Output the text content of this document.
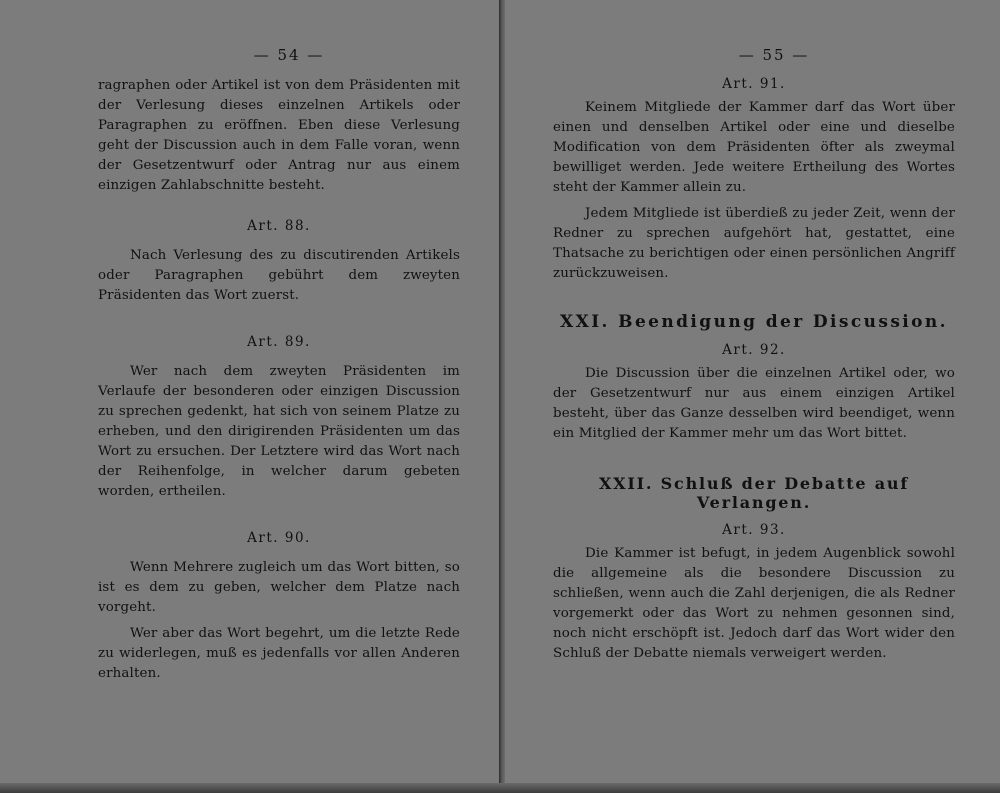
— 54 —

ragraphen oder Artikel ist von dem Präsidenten mit der Verlesung dieses einzelnen Artikels oder Paragraphen zu eröffnen. Eben diese Verlesung geht der Discussion auch in dem Falle voran, wenn der Gesetzentwurf oder Antrag nur aus einem einzigen Zahlabschnitte besteht.

Art. 88.

Nach Verlesung des zu discutirenden Artikels oder Paragraphen gebührt dem zweyten Präsidenten das Wort zuerst.

Art. 89.

Wer nach dem zweyten Präsidenten im Verlaufe der besonderen oder einzigen Discussion zu sprechen gedenkt, hat sich von seinem Platze zu erheben, und den dirigirenden Präsidenten um das Wort zu ersuchen. Der Letztere wird das Wort nach der Reihenfolge, in welcher darum gebeten worden, ertheilen.

Art. 90.

Wenn Mehrere zugleich um das Wort bitten, so ist es dem zu geben, welcher dem Platze nach vorgeht.

Wer aber das Wort begehrt, um die letzte Rede zu widerlegen, muß es jedenfalls vor allen Anderen erhalten.

— 55 —
Art. 91.

Keinem Mitgliede der Kammer darf das Wort über einen und denselben Artikel oder eine und dieselbe Modification von dem Präsidenten öfter als zweymal bewilliget werden. Jede weitere Ertheilung des Wortes steht der Kammer allein zu.

Jedem Mitgliede ist überdieß zu jeder Zeit, wenn der Redner zu sprechen aufgehört hat, gestattet, eine Thatsache zu berichtigen oder einen persönlichen Angriff zurückzuweisen.

XXI. Beendigung der Discussion.
Art. 92.

Die Discussion über die einzelnen Artikel oder, wo der Gesetzentwurf nur aus einem einzigen Artikel besteht, über das Ganze desselben wird beendiget, wenn ein Mitglied der Kammer mehr um das Wort bittet.

XXII. Schluß der Debatte auf Verlangen.
Art. 93.

Die Kammer ist befugt, in jedem Augenblick sowohl die allgemeine als die besondere Discussion zu schließen, wenn auch die Zahl derjenigen, die als Redner vorgemerkt oder das Wort zu nehmen gesonnen sind, noch nicht erschöpft ist. Jedoch darf das Wort wider den Schluß der Debatte niemals verweigert werden.
